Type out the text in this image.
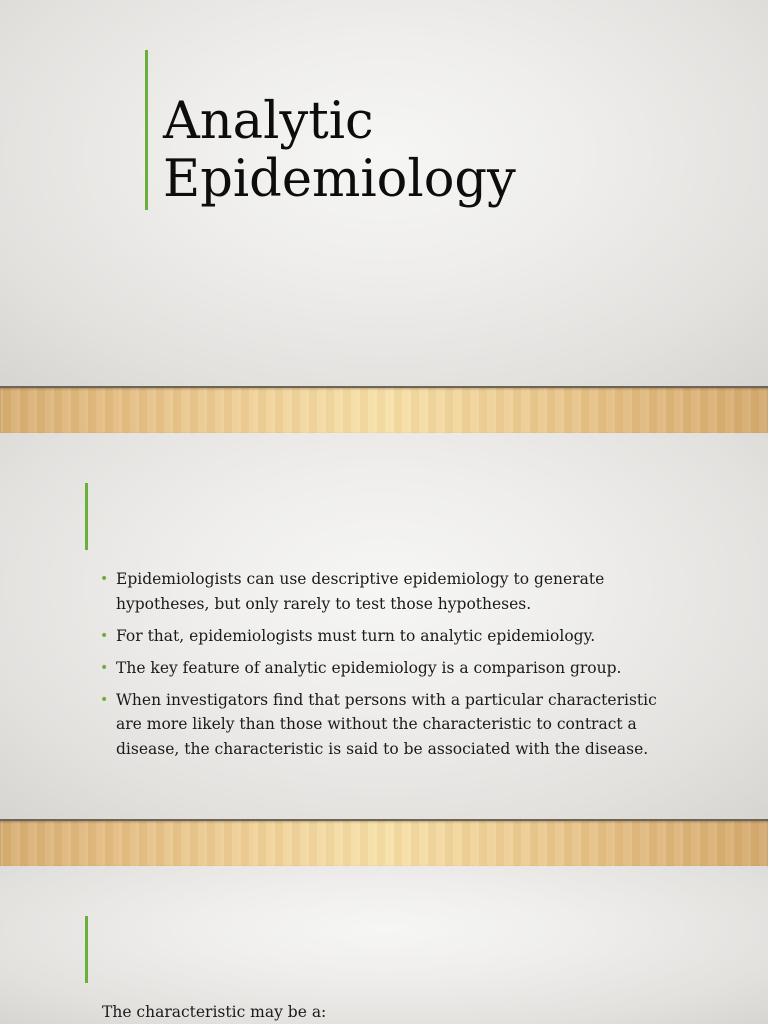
Analytic
Epidemiology
• Epidemiologists can use descriptive epidemiology to generate hypotheses, but only rarely to test those hypotheses.
• For that, epidemiologists must turn to analytic epidemiology.
• The key feature of analytic epidemiology is a comparison group.
• When investigators find that persons with a particular characteristic are more likely than those without the characteristic to contract a disease, the characteristic is said to be associated with the disease.

The characteristic may be a:
